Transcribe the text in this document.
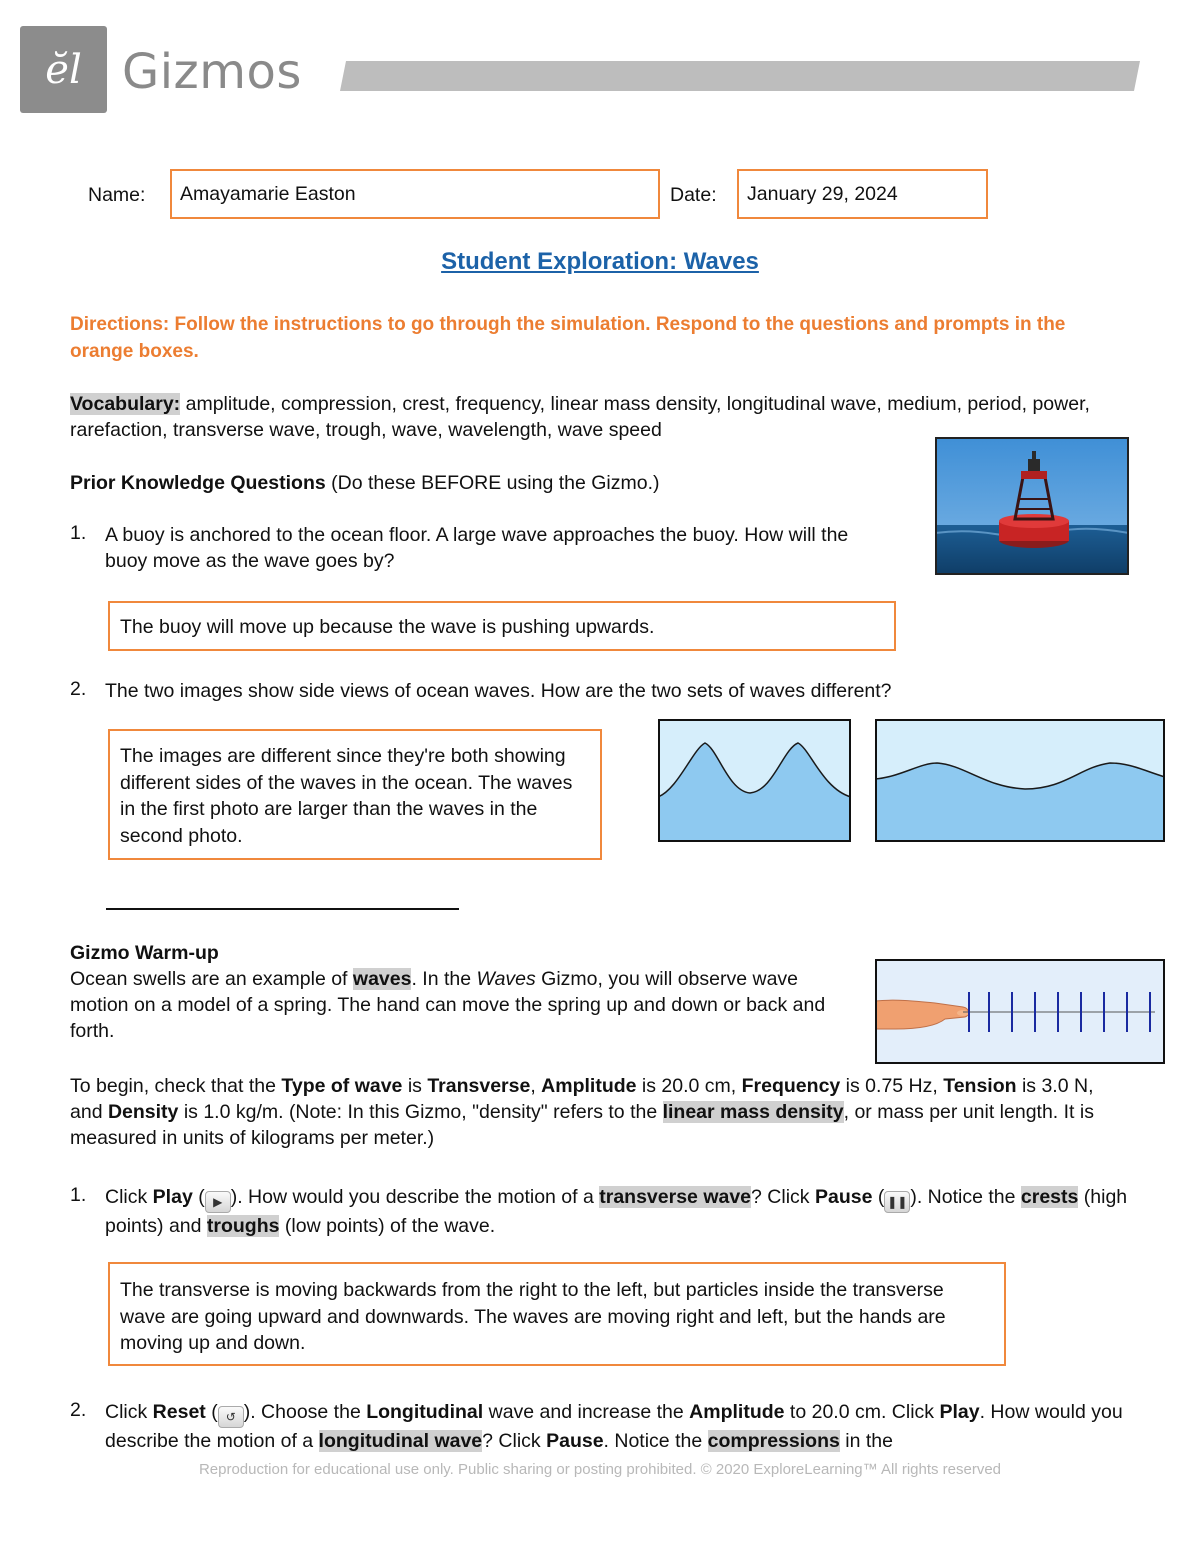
ĕl Gizmos
Name: Amayamarie Easton	Date: January 29, 2024
Student Exploration: Waves
Directions: Follow the instructions to go through the simulation. Respond to the questions and prompts in the orange boxes.
Vocabulary: amplitude, compression, crest, frequency, linear mass density, longitudinal wave, medium, period, power, rarefaction, transverse wave, trough, wave, wavelength, wave speed
Prior Knowledge Questions (Do these BEFORE using the Gizmo.)
1. A buoy is anchored to the ocean floor. A large wave approaches the buoy. How will the buoy move as the wave goes by?
The buoy will move up because the wave is pushing upwards.
2. The two images show side views of ocean waves. How are the two sets of waves different?
The images are different since they're both showing different sides of the waves in the ocean. The waves in the first photo are larger than the waves in the second photo.
Gizmo Warm-up
Ocean swells are an example of waves. In the Waves Gizmo, you will observe wave motion on a model of a spring. The hand can move the spring up and down or back and forth.
To begin, check that the Type of wave is Transverse, Amplitude is 20.0 cm, Frequency is 0.75 Hz, Tension is 3.0 N, and Density is 1.0 kg/m. (Note: In this Gizmo, "density" refers to the linear mass density, or mass per unit length. It is measured in units of kilograms per meter.)
1. Click Play ( ▶ ). How would you describe the motion of a transverse wave? Click Pause ( ❚❚ ). Notice the crests (high points) and troughs (low points) of the wave.
The transverse is moving backwards from the right to the left, but particles inside the transverse wave are going upward and downwards. The waves are moving right and left, but the hands are moving up and down.
2. Click Reset ( ↺ ). Choose the Longitudinal wave and increase the Amplitude to 20.0 cm. Click Play. How would you describe the motion of a longitudinal wave? Click Pause. Notice the compressions in the
Reproduction for educational use only. Public sharing or posting prohibited. © 2020 ExploreLearning™ All rights reserved
